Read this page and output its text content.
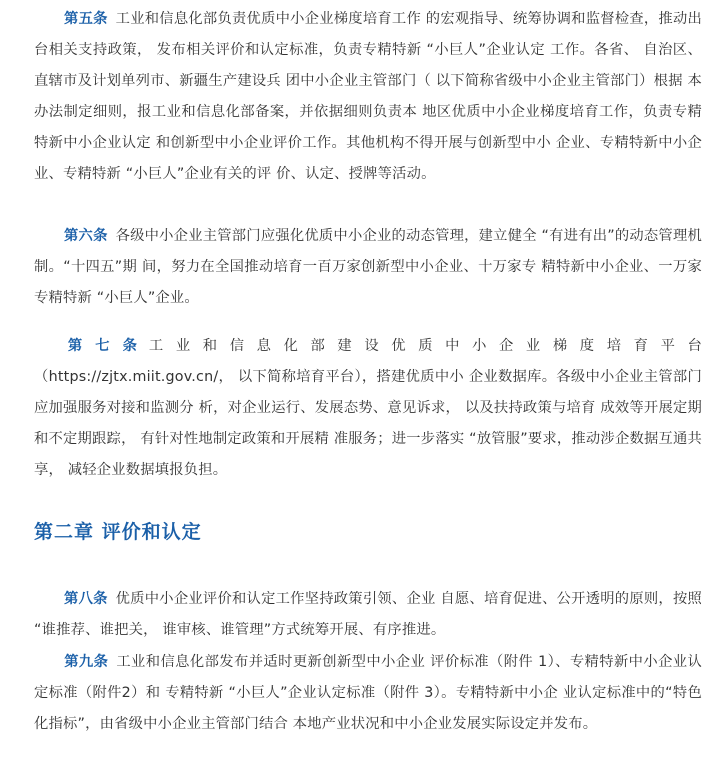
第五条 工业和信息化部负责优质中小企业梯度培育工作 的宏观指导、统筹协调和监督检查，推动出台相关支持政策， 发布相关评价和认定标准，负责专精特新 “小巨人”企业认定 工作。各省、 自治区、直辖市及计划单列市、新疆生产建设兵 团中小企业主管部门（ 以下简称省级中小企业主管部门）根据 本办法制定细则，报工业和信息化部备案，并依据细则负责本 地区优质中小企业梯度培育工作，负责专精特新中小企业认定 和创新型中小企业评价工作。其他机构不得开展与创新型中小 企业、专精特新中小企业、专精特新 “小巨人”企业有关的评 价、认定、授牌等活动。
第六条 各级中小企业主管部门应强化优质中小企业的动态管理，建立健全 “有进有出”的动态管理机制。“十四五”期 间，努力在全国推动培育一百万家创新型中小企业、十万家专 精特新中小企业、一万家专精特新 “小巨人”企业。
第 七 条 工 业 和 信 息 化 部 建 设 优 质 中 小 企 业 梯 度 培 育 平 台 （https://zjtx.miit.gov.cn/， 以下简称培育平台），搭建优质中小 企业数据库。各级中小企业主管部门应加强服务对接和监测分 析，对企业运行、发展态势、意见诉求， 以及扶持政策与培育 成效等开展定期和不定期跟踪， 有针对性地制定政策和开展精 准服务；进一步落实 “放管服”要求，推动涉企数据互通共享， 减轻企业数据填报负担。
第二章 评价和认定
第八条 优质中小企业评价和认定工作坚持政策引领、企业 自愿、培育促进、公开透明的原则，按照 “谁推荐、谁把关， 谁审核、谁管理”方式统筹开展、有序推进。
第九条 工业和信息化部发布并适时更新创新型中小企业 评价标准（附件 1）、专精特新中小企业认定标准（附件2）和 专精特新 “小巨人”企业认定标准（附件 3）。专精特新中小企 业认定标准中的“特色化指标”，由省级中小企业主管部门结合 本地产业状况和中小企业发展实际设定并发布。
